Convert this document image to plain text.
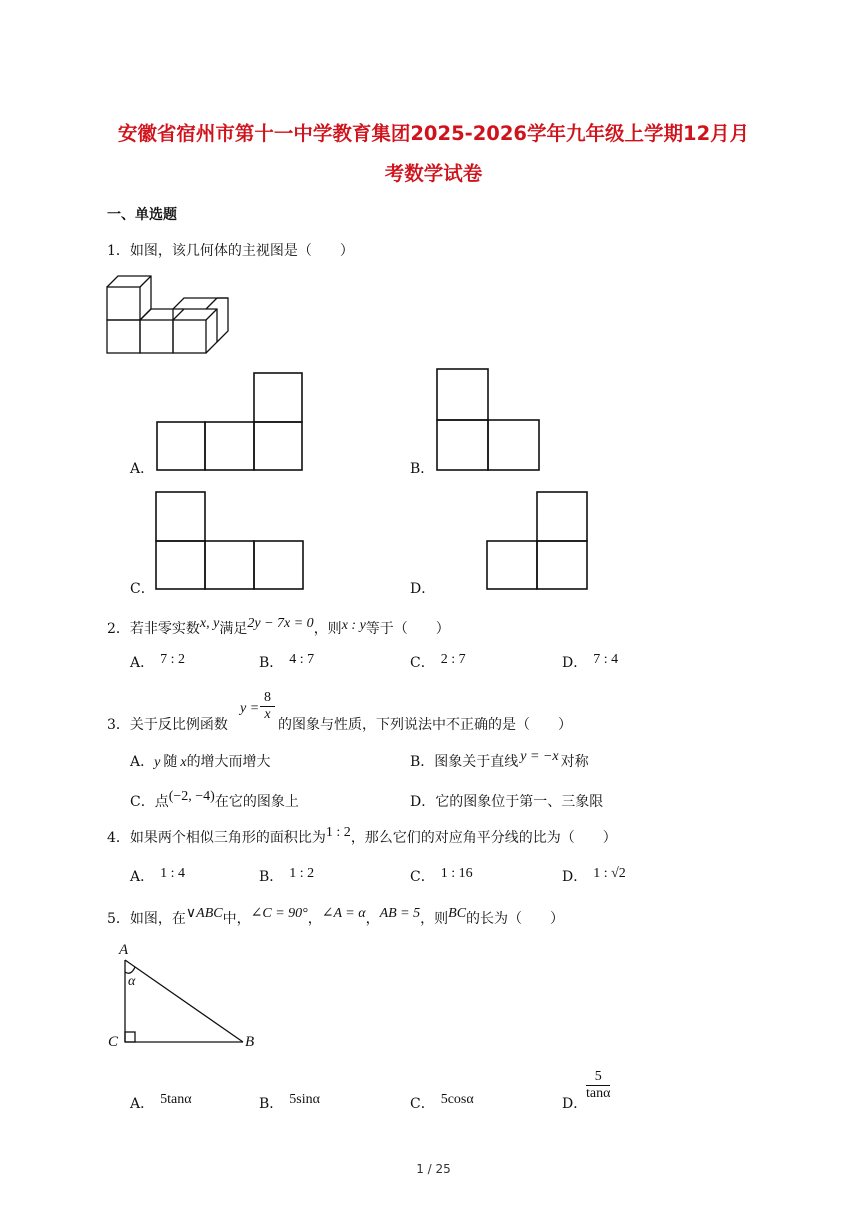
安徽省宿州市第十一中学教育集团2025-2026学年九年级上学期12月月
考数学试卷
一、单选题
1．如图，该几何体的主视图是（　　）
A．	B．
C．	D．
2．若非零实数x, y满足2y − 7x = 0，则x : y等于（　　）
A． 7 : 2	B． 4 : 7	C． 2 : 7	D． 7 : 4
3．关于反比例函数
$y = \frac{8}{x}$
的图象与性质，下列说法中不正确的是（　　）
A．y 随 x的增大而增大	B．图象关于直线 y = −x 对称
C．点(−2, −4)在它的图象上	D．它的图象位于第一、三象限
4．如果两个相似三角形的面积比为1 : 2，那么它们的对应角平分线的比为（　　）
A． 1 : 4	B． 1 : 2	C． 1 : 16	D． 1 : √2
5．如图，在∨ABC中，∠C = 90°，∠A = α，AB = 5，则BC的长为（　　）
A
α
C	B
A． 5tanα	B． 5sinα	C． 5cosα	D．
$\frac{5}{\tan\alpha}$
1 / 25
